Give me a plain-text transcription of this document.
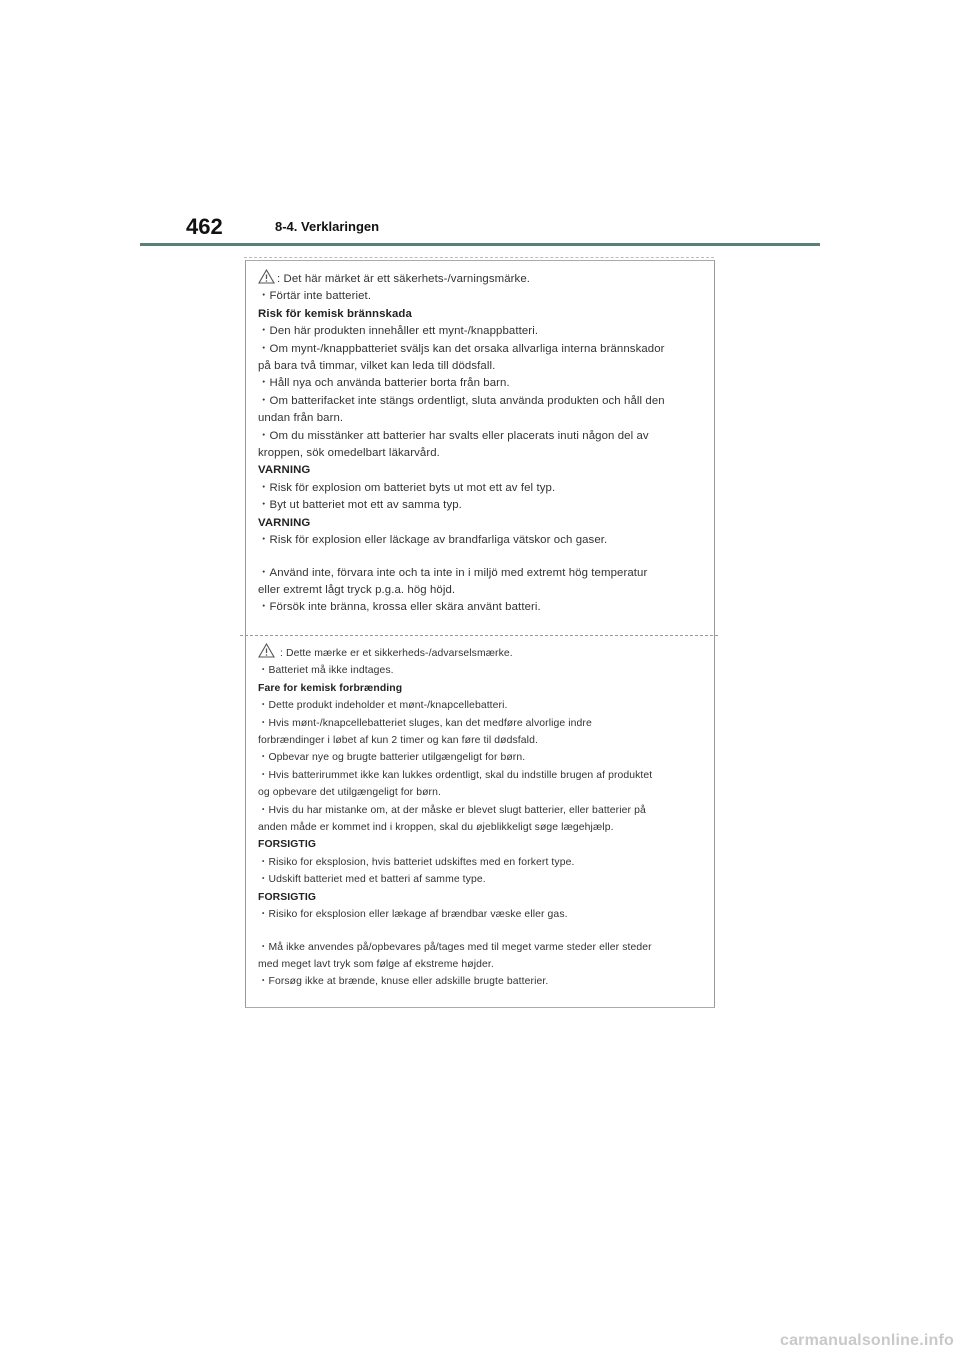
462	8-4. Verklaringen
: Det här märket är ett säkerhets-/varningsmärke.
・Förtär inte batteriet.
Risk för kemisk brännskada
・Den här produkten innehåller ett mynt-/knappbatteri.
・Om mynt-/knappbatteriet sväljs kan det orsaka allvarliga interna brännskador
på bara två timmar, vilket kan leda till dödsfall.
・Håll nya och använda batterier borta från barn.
・Om batterifacket inte stängs ordentligt, sluta använda produkten och håll den
undan från barn.
・Om du misstänker att batterier har svalts eller placerats inuti någon del av
kroppen, sök omedelbart läkarvård.
VARNING
・Risk för explosion om batteriet byts ut mot ett av fel typ.
・Byt ut batteriet mot ett av samma typ.
VARNING
・Risk för explosion eller läckage av brandfarliga vätskor och gaser.
・Använd inte, förvara inte och ta inte in i miljö med extremt hög temperatur
eller extremt lågt tryck p.g.a. hög höjd.
・Försök inte bränna, krossa eller skära använt batteri.
: Dette mærke er et sikkerheds-/advarselsmærke.
・Batteriet må ikke indtages.
Fare for kemisk forbrænding
・Dette produkt indeholder et mønt-/knapcellebatteri.
・Hvis mønt-/knapcellebatteriet sluges, kan det medføre alvorlige indre
forbrændinger i løbet af kun 2 timer og kan føre til dødsfald.
・Opbevar nye og brugte batterier utilgængeligt for børn.
・Hvis batterirummet ikke kan lukkes ordentligt, skal du indstille brugen af produktet
og opbevare det utilgængeligt for børn.
・Hvis du har mistanke om, at der måske er blevet slugt batterier, eller batterier på
anden måde er kommet ind i kroppen, skal du øjeblikkeligt søge lægehjælp.
FORSIGTIG
・Risiko for eksplosion, hvis batteriet udskiftes med en forkert type.
・Udskift batteriet med et batteri af samme type.
FORSIGTIG
・Risiko for eksplosion eller lækage af brændbar væske eller gas.
・Må ikke anvendes på/opbevares på/tages med til meget varme steder eller steder
med meget lavt tryk som følge af ekstreme højder.
・Forsøg ikke at brænde, knuse eller adskille brugte batterier.
carmanualsonline.info
